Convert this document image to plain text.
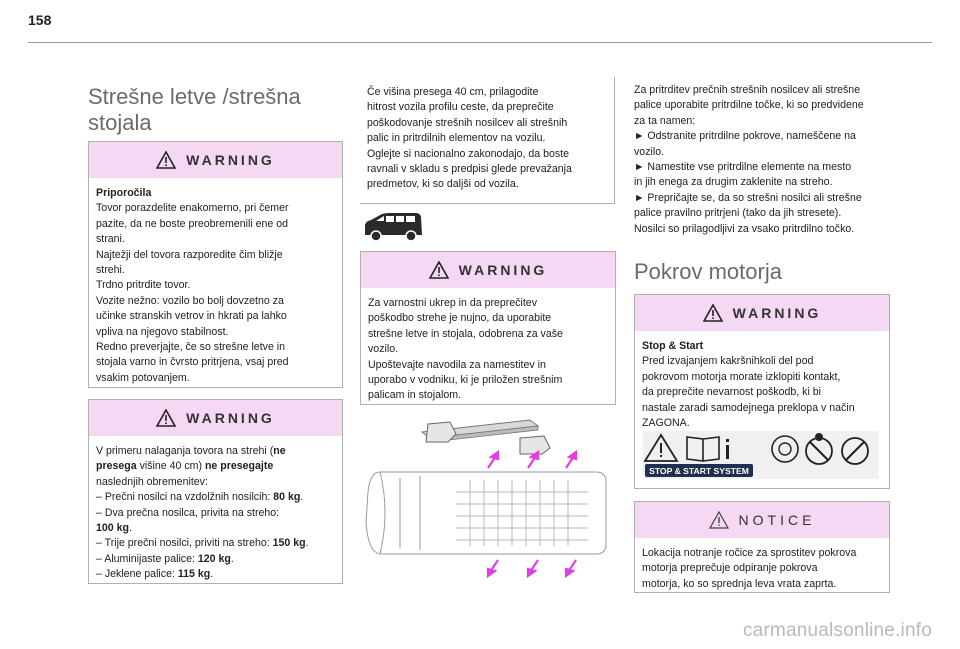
158
Strešne letve /strešna
stojala
WARNING
Priporočila
Tovor porazdelite enakomerno, pri čemer
pazite, da ne boste preobremenili ene od
strani.
Najtežji del tovora razporedite čim bližje
strehi.
Trdno pritrdite tovor.
Vozite nežno: vozilo bo bolj dovzetno za
učinke stranskih vetrov in hkrati pa lahko
vpliva na njegovo stabilnost.
Redno preverjajte, če so strešne letve in
stojala varno in čvrsto pritrjena, vsaj pred
vsakim potovanjem.
WARNING
V primeru nalaganja tovora na strehi (ne
presega višine 40 cm) ne presegajte
naslednjih obremenitev:
– Prečni nosilci na vzdolžnih nosilcih: 80 kg.
– Dva prečna nosilca, privita na streho:
100 kg.
– Trije prečni nosilci, priviti na streho: 150 kg.
– Aluminijaste palice: 120 kg.
– Jeklene palice: 115 kg.
Če višina presega 40 cm, prilagodite
hitrost vozila profilu ceste, da preprečite
poškodovanje strešnih nosilcev ali strešnih
palic in pritrdilnih elementov na vozilu.
Oglejte si nacionalno zakonodajo, da boste
ravnali v skladu s predpisi glede prevažanja
predmetov, ki so daljši od vozila.
WARNING
Za varnostni ukrep in da preprečitev
poškodbo strehe je nujno, da uporabite
strešne letve in stojala, odobrena za vaše
vozilo.
Upoštevajte navodila za namestitev in
uporabo v vodniku, ki je priložen strešnim
palicam in stojalom.
Za pritrditev prečnih strešnih nosilcev ali strešne
palice uporabite pritrdilne točke, ki so predvidene
za ta namen:
► Odstranite pritrdilne pokrove, nameščene na
vozilo.
► Namestite vse pritrdilne elemente na mesto
in jih enega za drugim zaklenite na streho.
► Prepričajte se, da so strešni nosilci ali strešne
palice pravilno pritrjeni (tako da jih stresete).
Nosilci so prilagodljivi za vsako pritrdilno točko.
Pokrov motorja
WARNING
Stop & Start
Pred izvajanjem kakršnihkoli del pod
pokrovom motorja morate izklopiti kontakt,
da preprečite nevarnost poškodb, ki bi
nastale zaradi samodejnega preklopa v način
ZAGONA.
STOP & START SYSTEM
NOTICE
Lokacija notranje ročice za sprostitev pokrova
motorja preprečuje odpiranje pokrova
motorja, ko so sprednja leva vrata zaprta.
carmanualsonline.info
